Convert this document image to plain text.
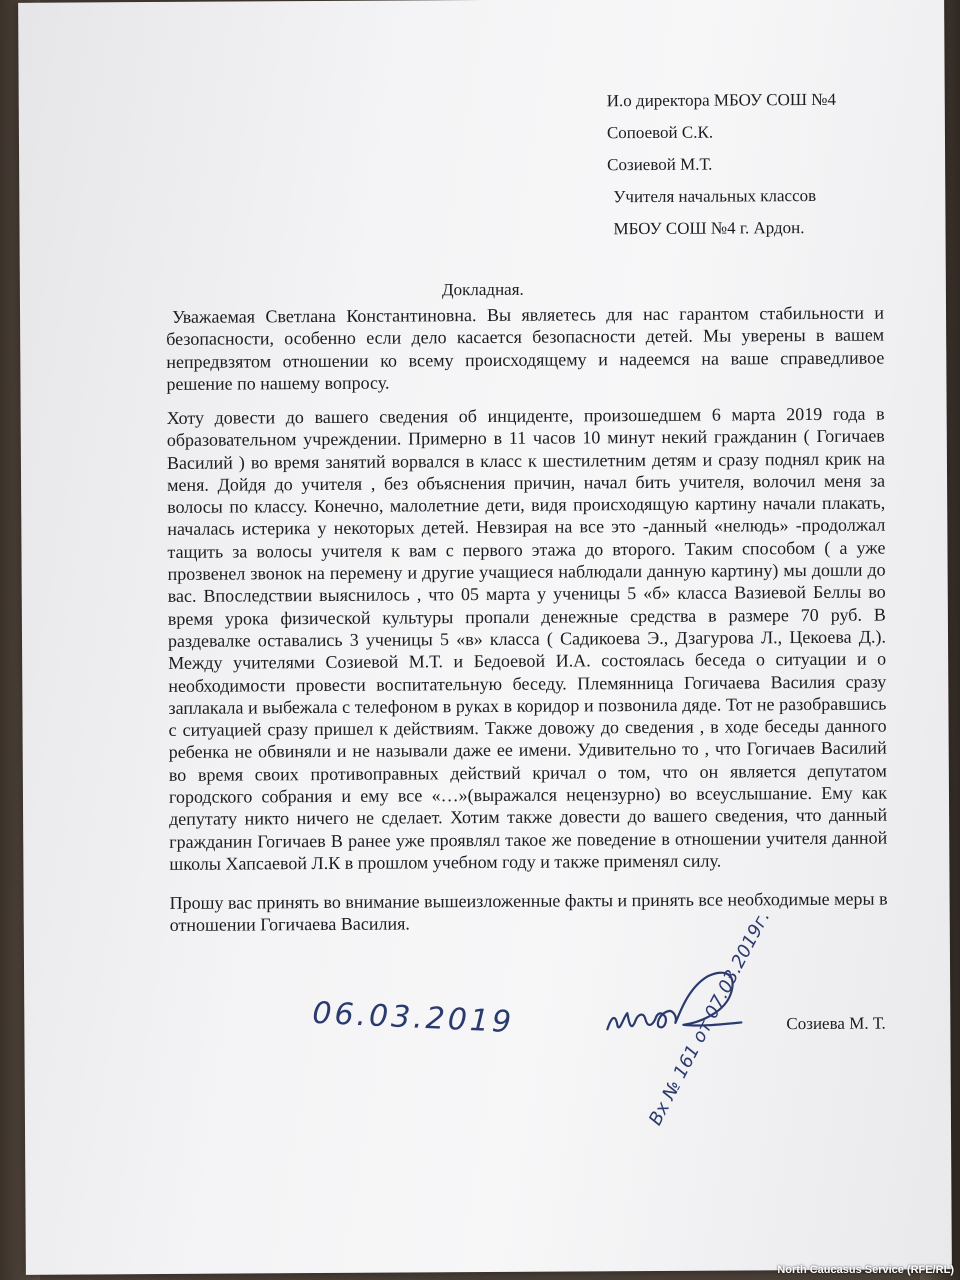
И.о директора МБОУ СОШ №4
Сопоевой С.К.
Созиевой М.Т.
Учителя начальных классов
МБОУ СОШ №4 г. Ардон.
Докладная.
Уважаемая Светлана Константиновна. Вы являетесь для нас гарантом стабильности и безопасности, особенно если дело касается безопасности детей. Мы уверены в вашем непредвзятом отношении ко всему происходящему и надеемся на ваше справедливое решение по нашему вопросу.
Хоту довести до вашего сведения об инциденте, произошедшем 6 марта 2019 года в образовательном учреждении. Примерно в 11 часов 10 минут некий гражданин ( Гогичаев Василий ) во время занятий ворвался в класс к шестилетним детям и сразу поднял крик на меня. Дойдя до учителя , без объяснения причин, начал бить учителя, волочил меня за волосы по классу. Конечно, малолетние дети, видя происходящую картину начали плакать, началась истерика у некоторых детей. Невзирая на все это -данный «нелюдь» -продолжал тащить за волосы учителя к вам с первого этажа до второго. Таким способом ( а уже прозвенел звонок на перемену и другие учащиеся наблюдали данную картину) мы дошли до вас. Впоследствии выяснилось , что 05 марта у ученицы 5 «б» класса Вазиевой Беллы во время урока физической культуры пропали денежные средства в размере 70 руб. В раздевалке оставались 3 ученицы 5 «в» класса ( Садикоева Э., Дзагурова Л., Цекоева Д.). Между учителями Созиевой М.Т. и Бедоевой И.А. состоялась беседа о ситуации и о необходимости провести воспитательную беседу. Племянница Гогичаева Василия сразу заплакала и выбежала с телефоном в руках в коридор и позвонила дяде. Тот не разобравшись с ситуацией сразу пришел к действиям. Также довожу до сведения , в ходе беседы данного ребенка не обвиняли и не называли даже ее имени. Удивительно то , что Гогичаев Василий во время своих противоправных действий кричал о том, что он является депутатом городского собрания и ему все «…»(выражался нецензурно) во всеуслышание. Ему как депутату никто ничего не сделает. Хотим также довести до вашего сведения, что данный гражданин Гогичаев В ранее уже проявлял такое же поведение в отношении учителя данной школы Хапсаевой Л.К в прошлом учебном году и также применял силу.
Прошу вас принять во внимание вышеизложенные факты и принять все необходимые меры в отношении Гогичаева Василия.
06.03.2019	Созиева М. Т.
Вх № 161 от 07.03.2019г.
North Caucasus Service (RFE/RL)
